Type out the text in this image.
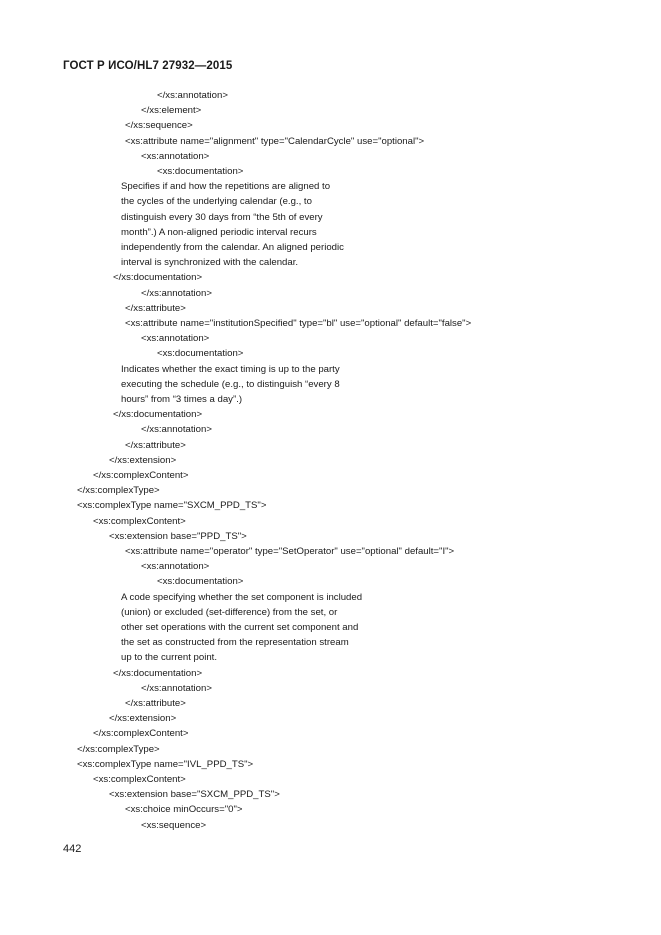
ГОСТ Р ИСО/HL7 27932—2015
</xs:annotation>
</xs:element>
</xs:sequence>
<xs:attribute name="alignment" type="CalendarCycle" use="optional">
<xs:annotation>
<xs:documentation>
Specifies if and how the repetitions are aligned to
the cycles of the underlying calendar (e.g., to
distinguish every 30 days from “the 5th of every
month”.) A non-aligned periodic interval recurs
independently from the calendar. An aligned periodic
interval is synchronized with the calendar.
</xs:documentation>
</xs:annotation>
</xs:attribute>
<xs:attribute name="institutionSpecified" type="bl" use="optional" default="false">
<xs:annotation>
<xs:documentation>
Indicates whether the exact timing is up to the party
executing the schedule (e.g., to distinguish “every 8
hours” from “3 times a day”.)
</xs:documentation>
</xs:annotation>
</xs:attribute>
</xs:extension>
</xs:complexContent>
</xs:complexType>
<xs:complexType name="SXCM_PPD_TS">
<xs:complexContent>
<xs:extension base="PPD_TS">
<xs:attribute name="operator" type="SetOperator" use="optional" default="I">
<xs:annotation>
<xs:documentation>
A code specifying whether the set component is included
(union) or excluded (set-difference) from the set, or
other set operations with the current set component and
the set as constructed from the representation stream
up to the current point.
</xs:documentation>
</xs:annotation>
</xs:attribute>
</xs:extension>
</xs:complexContent>
</xs:complexType>
<xs:complexType name="IVL_PPD_TS">
<xs:complexContent>
<xs:extension base="SXCM_PPD_TS">
<xs:choice minOccurs="0">
<xs:sequence>
442
